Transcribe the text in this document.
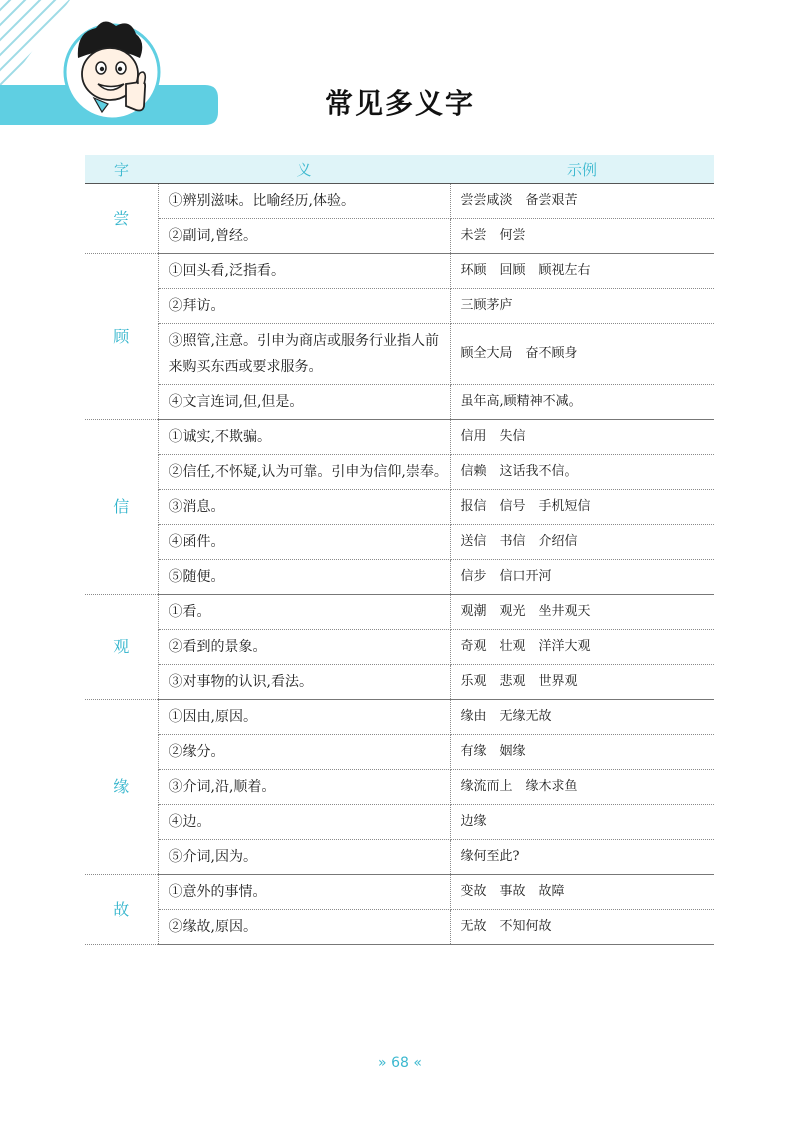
常见多义字
字	义	示例
尝	①辨别滋味。比喻经历,体验。	尝尝咸淡　备尝艰苦
	②副词,曾经。	未尝　何尝
顾	①回头看,泛指看。	环顾　回顾　顾视左右
	②拜访。	三顾茅庐
	③照管,注意。引申为商店或服务行业指人前来购买东西或要求服务。	顾全大局　奋不顾身
	④文言连词,但,但是。	虽年高,顾精神不减。
信	①诚实,不欺骗。	信用　失信
	②信任,不怀疑,认为可靠。引申为信仰,崇奉。	信赖　这话我不信。
	③消息。	报信　信号　手机短信
	④函件。	送信　书信　介绍信
	⑤随便。	信步　信口开河
观	①看。	观潮　观光　坐井观天
	②看到的景象。	奇观　壮观　洋洋大观
	③对事物的认识,看法。	乐观　悲观　世界观
缘	①因由,原因。	缘由　无缘无故
	②缘分。	有缘　姻缘
	③介词,沿,顺着。	缘流而上　缘木求鱼
	④边。	边缘
	⑤介词,因为。	缘何至此?
故	①意外的事情。	变故　事故　故障
	②缘故,原因。	无故　不知何故
» 68 «
